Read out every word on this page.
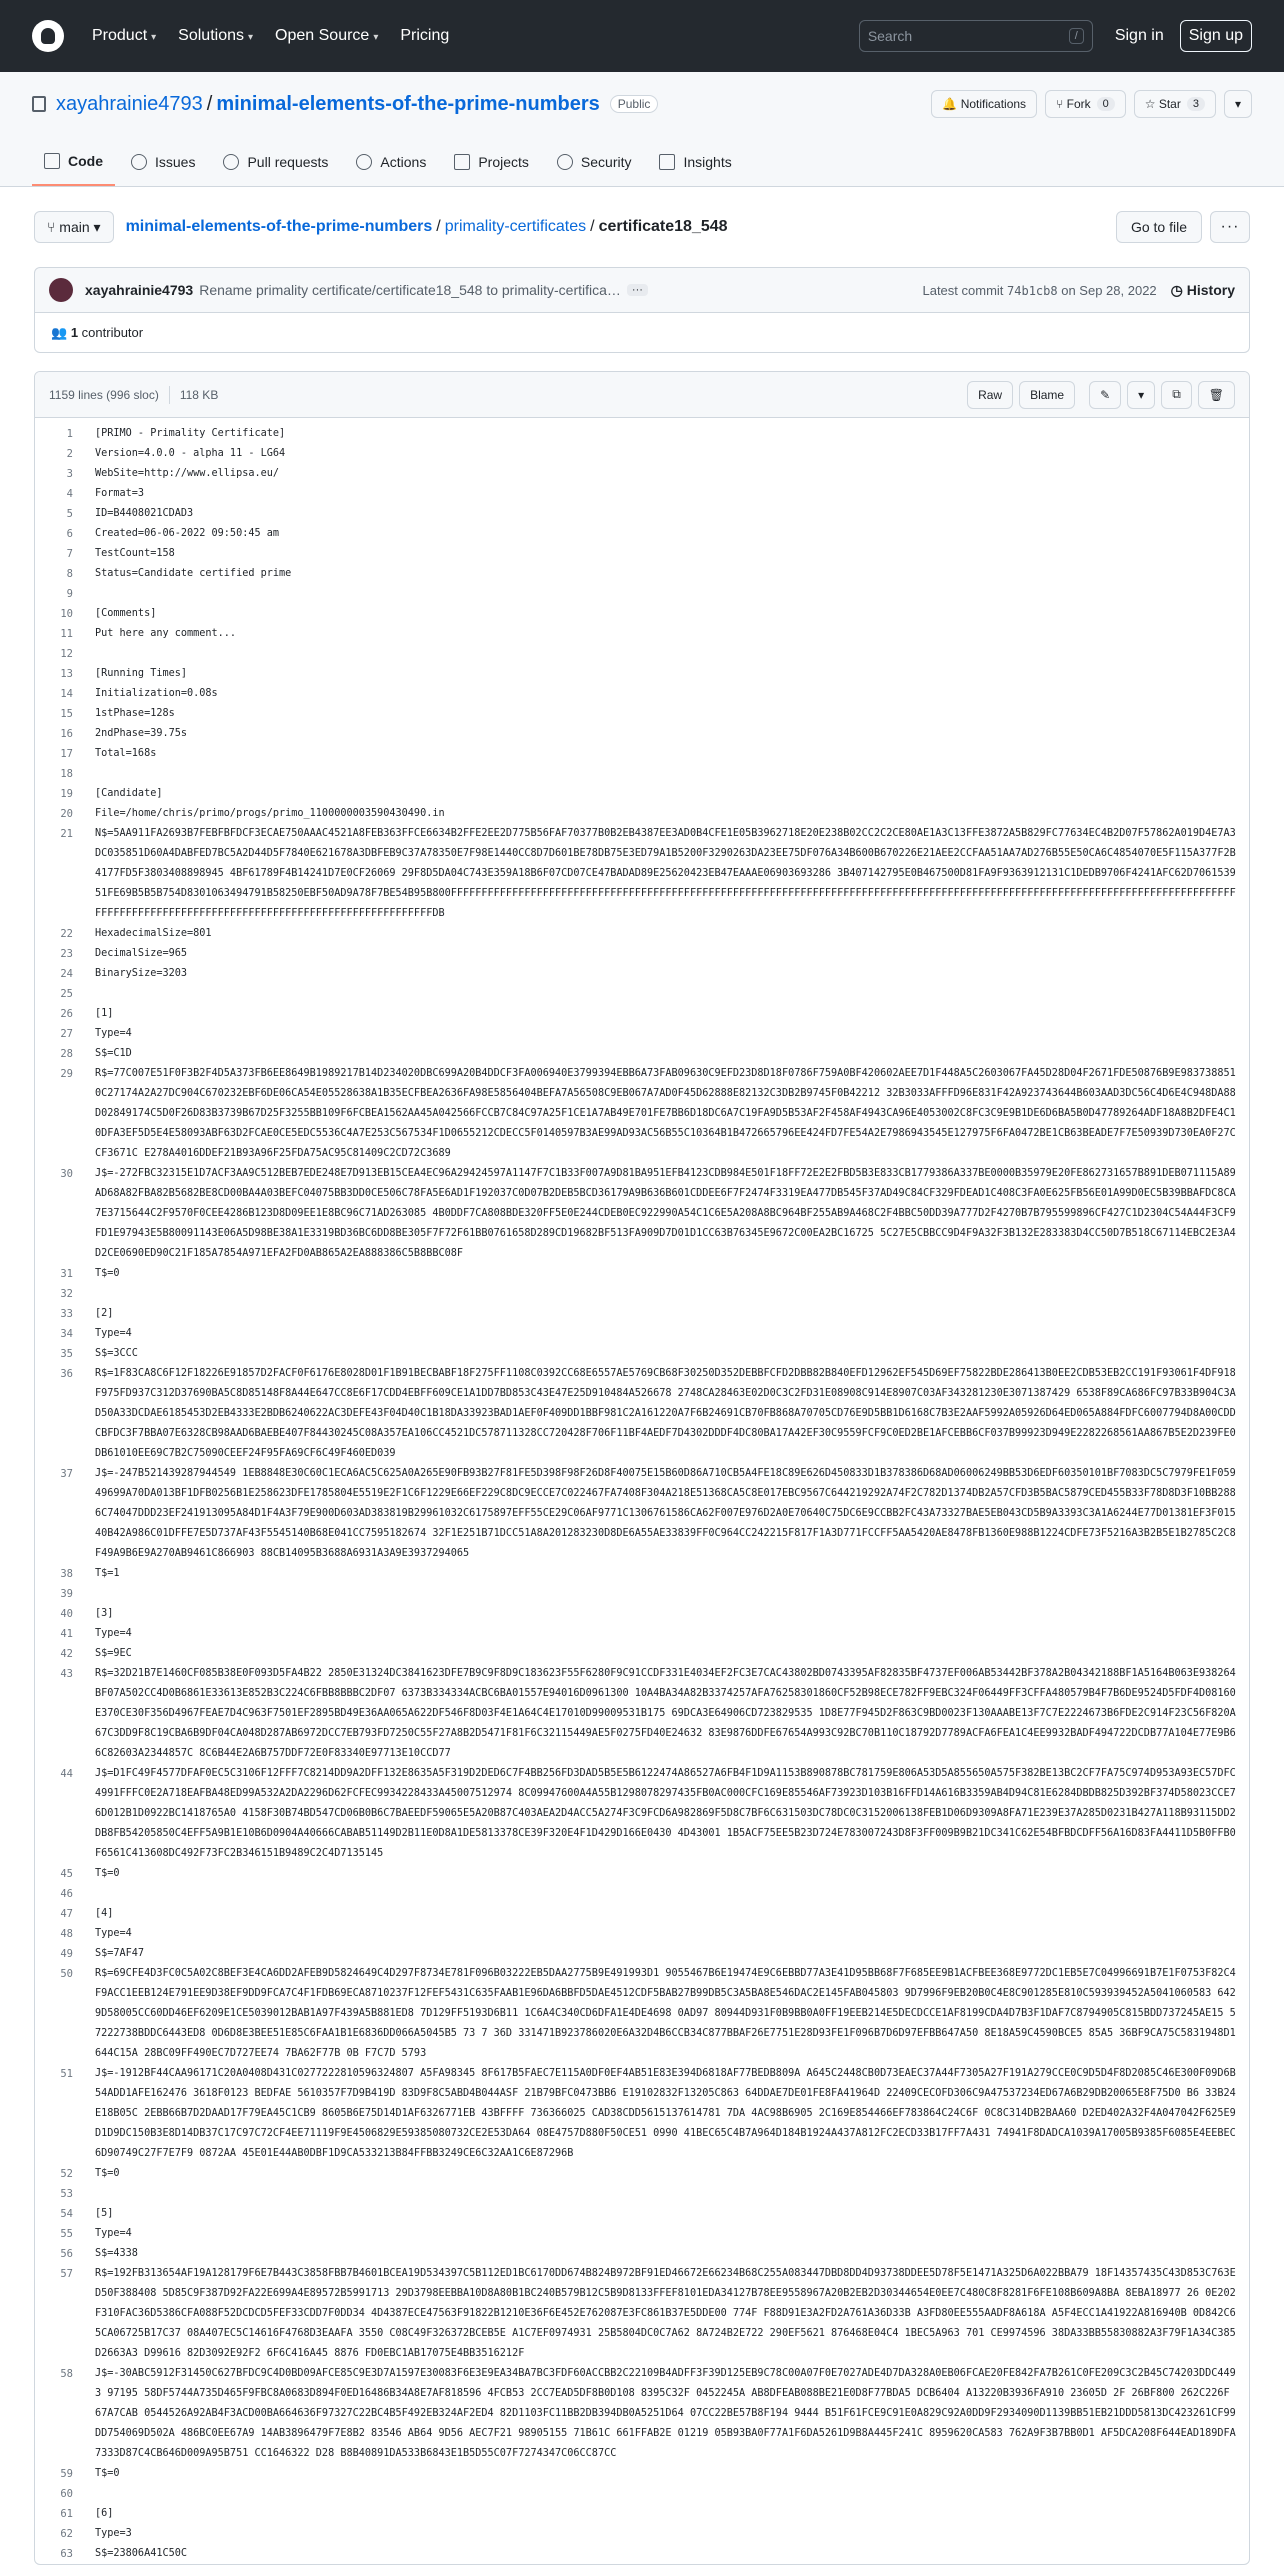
Product ▾ Solutions ▾ Open Source ▾ Pricing	Search	/	Sign in	Sign up
xayahrainie4793 / minimal-elements-of-the-prime-numbers	Public	🔔 Notifications	⑂ Fork	0	☆ Star	3	▾
Code	Issues	Pull requests	Actions	Projects	Security	Insights
⑂ main ▾ minimal-elements-of-the-prime-numbers / primality-certificates / certificate18_548	Go to file	···
xayahrainie4793 Rename primality certificate/certificate18_548 to primality-certifica…	···	Latest commit 74b1cb8 on Sep 28, 2022 ◷ History
👥 1
contributor
1159 lines (996 sloc) 118 KB	Raw	Blame	✎ ▾ ⧉ 🗑
1	[PRIMO - Primality Certificate]
2	Version=4.0.0 - alpha 11 - LG64
3	WebSite=http://www.ellipsa.eu/
4	Format=3
5	ID=B4408021CDAD3
6	Created=06-06-2022 09:50:45 am
7	TestCount=158
8	Status=Candidate certified prime
9
10	[Comments]
11	Put here any comment...
12
13	[Running Times]
14	Initialization=0.08s
15	1stPhase=128s
16	2ndPhase=39.75s
17	Total=168s
18
19	[Candidate]
20	File=/home/chris/primo/progs/primo_1100000003590430490.in
21	N$=5AA911FA2693B7FEBFBFDCF3ECAE750AAAC4521A8FEB363FFCE6634B2FFE2EE2D775B56FAF70377B0B2EB4387EE3AD0B4CFE1E05B3962718E20E238B02CC2C2CE80AE1A3C13FFE3872A5B829FC77634EC4B2D07F57862A019D4E7A3DC035851D60A4DABFED7BC5A2D44D5F7840E621678A3DBFEB9C37A78350E7F98E1440CC8D7D601BE78DB75E3ED79A1B5200F3290263DA23EE75DF076A34B600B670226E21AEE2CCFAA51AA7AD276B55E50CA6C4854070E5F115A377F2B4177FD5F3803408898945 4BF61789F4B14241D7E0CF26069 29F8D5DA04C743E359A18B6F07CD07CE47BADAD89E25620423EB47EAAAE06903693286 3B407142795E0B467500D81FA9F9363912131C1DEDB9706F4241AFC62D706153951FE69B5B5B754D8301063494791B58250EBF50AD9A78F7BE54B95B800FFFFFFFFFFFFFFFFFFFFFFFFFFFFFFFFFFFFFFFFFFFFFFFFFFFFFFFFFFFFFFFFFFFFFFFFFFFFFFFFFFFFFFFFFFFFFFFFFFFFFFFFFFFFFFFFFFFFFFFFFFFFFFFFFFFFFFFFFFFFFFFFFFFFFFFFFFFFFFFFFFFFFFFFFFFFFFFFFFFFFFFDB
22	HexadecimalSize=801
23	DecimalSize=965
24	BinarySize=3203
25
26	[1]
27	Type=4
28	S$=C1D
29	R$=77C007E51F0F3B2F4D5A373FB6EE8649B1989217B14D234020DBC699A20B4DDCF3FA006940E3799394EBB6A73FAB09630C9EFD23D8D18F0786F759A0BF420602AEE7D1F448A5C2603067FA45D28D04F2671FDE50876B9E9837388510C27174A2A27DC904C670232EBF6DE06CA54E05528638A1B35ECFBEA2636FA98E5856404BEFA7A56508C9EB067A7AD0F45D62888E82132C3DB2B9745F0B42212 32B3033AFFFD96E831F42A923743644B603AAD3DC56C4D6E4C948DA88D02849174C5D0F26D83B3739B67D25F3255BB109F6FCBEA1562AA45A042566FCCB7C84C97A25F1CE1A7AB49E701FE7BB6D18DC6A7C19FA9D5B53AF2F458AF4943CA96E4053002C8FC3C9E9B1DE6D6BA5B0D47789264ADF18A8B2DFE4C10DFA3EF5D5E4E58093ABF63D2FCAE0CE5EDC5536C4A7E253C567534F1D0655212CDECC5F0140597B3AE99AD93AC56B55C10364B1B472665796EE424FD7FE54A2E7986943545E127975F6FA0472BE1CB63BEADE7F7E50939D730EA0F27CCF3671C E278A4016DDEF21B93A96F25FDA75AC95C81409C2CD72C3689
30	J$=-272FBC32315E1D7ACF3AA9C512BEB7EDE248E7D913EB15CEA4EC96A29424597A1147F7C1B33F007A9D81BA951EFB4123CDB984E501F18FF72E2E2FBD5B3E833CB1779386A337BE0000B35979E20FE862731657B891DEB071115A89AD68A82FBA82B5682BE8CD00BA4A03BEFC04075BB3DD0CE506C78FA5E6AD1F192037C0D07B2DEB5BCD36179A9B636B601CDDEE6F7F2474F3319EA477DB545F37AD49C84CF329FDEAD1C408C3FA0E625FB56E01A99D0EC5B39BBAFDC8CA7E3715644C2F9570F0CEE4286B123D8D09EE1E8BC96C71AD263085 4B0DDF7CA808BDE320FF5E0E244CDEB0EC922990A54C1C6E5A208A8BC964BF255AB9A468C2F4BBC50DD39A777D2F4270B7B795599896CF427C1D2304C54A44F3CF9FD1E97943E5B80091143E06A5D98BE38A1E3319BD36BC6DD8BE305F7F72F61BB0761658D289CD19682BF513FA909D7D01D1CC63B76345E9672C00EA2BC16725 5C27E5CBBCC9D4F9A32F3B132E283383D4CC50D7B518C67114EBC2E3A4D2CE0690ED90C21F185A7854A971EFA2FD0AB865A2EA888386C5B8BBC08F
31	T$=0
32
33	[2]
34	Type=4
35	S$=3CCC
36	R$=1F83CA8C6F12F18226E91857D2FACF0F6176E8028D01F1B91BECBABF18F275FF1108C0392CC68E6557AE5769CB68F30250D352DEBBFCFD2DBB82B840EFD12962EF545D69EF75822BDE286413B0EE2CDB53EB2CC191F93061F4DF918F975FD937C312D37690BA5C8D85148F8A44E647CC8E6F17CDD4EBFF609CE1A1DD7BD853C43E47E25D910484A526678 2748CA28463E02D0C3C2FD31E08908C914E8907C03AF343281230E3071387429 6538F89CA686FC97B33B904C3AD50A33DCDAE6185453D2EB4333E2BDB6240622AC3DEFE43F04D40C1B18DA33923BAD1AEF0F409DD1BBF981C2A161220A7F6B24691CB70FB868A70705CD76E9D5BB1D6168C7B3E2AAF5992A05926D64ED065A884FDFC6007794D8A00CDDCBFDC3F7BBA07E6328CB98AAD6BAEBE407F84430245C08A357EA106CC4521DC578711328CC720428F706F11BF4AEDF7D4302DDDF4DC80BA17A42EF30C9559FCF9C0ED2BE1AFCEBB6CF037B99923D949E2282268561AA867B5E2D239FE0DB61010EE69C7B2C75090CEEF24F95FA69CF6C49F460ED039
37	J$=-247B521439287944549 1EB8848E30C60C1ECA6AC5C625A0A265E90FB93B27F81FE5D398F98F26D8F40075E15B60D86A710CB5A4FE18C89E626D450833D1B378386D68AD06006249BB53D6EDF60350101BF7083DC5C7979FE1F05949699A70DA013BF1DFB0256B1E258623DFE1785804E5519E2F1C6F1229E66EF229C8DC9ECCE7C022467FA7408F304A218E51368CA5C8E017EBC9567C644219292A74F2C782D1374DB2A57CFD3B5BAC5879CED455B33F78D8D3F10BB2886C74047DDD23EF241913095A84D1F4A3F79E900D603AD383819B29961032C6175897EFF55CE29C06AF9771C1306761586CA62F007E976D2A0E70640C75DC6E9CCBB2FC43A73327BAE5EB043CD5B9A3393C3A1A6244E77D01381EF3F01540B42A986C01DFFE7E5D737AF43F5545140B68E041CC7595182674 32F1E251B71DCC51A8A201283230D8DE6A55AE33839FF0C964CC242215F817F1A3D771FCCFF5AA5420AE8478FB1360E988B1224CDFE73F5216A3B2B5E1B2785C2C8F49A9B6E9A270AB9461C866903 88CB14095B3688A6931A3A9E3937294065
38	T$=1
39
40	[3]
41	Type=4
42	S$=9EC
43	R$=32D21B7E1460CF085B38E0F093D5FA4B22 2850E31324DC3841623DFE7B9C9F8D9C183623F55F6280F9C91CCDF331E4034EF2FC3E7CAC43802BD0743395AF82835BF4737EF006AB53442BF378A2B04342188BF1A5164B063E938264BF07A502CC4D0B6861E33613E852B3C224C6FBB8BBBC2DF07 6373B334334ACBC6BA01557E94016D0961300 10A4BA34A82B3374257AFA76258301860CF52B98ECE782FF9EBC324F06449FF3CFFA480579B4F7B6DE9524D5FDF4D08160E370CE30F356D4967FEAE7D4C963F7501EF2895BD49E36AA065A622DF546F8D03F4E1A64C4E17010D99009531B175 69DCA3E64906CD723829535 1D8E77F945D2F863C9BD0023F130AAABE13F7C7E2224673B6FDE2C914F23C56F820A67C3DD9F8C19CBA6B9DF04CA048D287AB6972DCC7EB793FD7250C55F27A8B2D5471F81F6C32115449AE5F0275FD40E24632 83E9876DDFE67654A993C92BC70B110C18792D7789ACFA6FEA1C4EE9932BADF494722DCDB77A104E77E9B66C82603A2344857C 8C6B44E2A6B757DDF72E0F83340E97713E10CCD77
44	J$=D1FC49F4577DFAF0EC5C3106F12FFF7C8214DD9A2DFF132E8635A5F319D2DED6C7F4BB256FD3DAD5B5E5B6122474A86527A6FB4F1D9A1153B890878BC781759E806A53D5A855650A575F382BE13BC2CF7FA75C974D953A93EC57DFC4991FFFC0E2A718EAFBA48ED99A532A2DA2296D62FCFEC9934228433A45007512974 8C09947600A4A55B1298078297435FB0AC000CFC169E85546AF73923D103B16FFD14A616B3359AB4D94C81E6284DBDB825D392BF374D58023CCE76D012B1D0922BC1418765A0 4158F30B74BD547CD06B0B6C7BAEEDF59065E5A20B87C403AEA2D4ACC5A274F3C9FCD6A982869F5D8C7BF6C631503DC78DC0C3152006138FEB1D06D9309A8FA71E239E37A285D0231B427A118B93115DD2DB8FB54205850C4EFF5A9B1E10B6D0904A40666CABAB51149D2B11E0D8A1DE5813378CE39F320E4F1D429D166E0430 4D43001 1B5ACF75EE5B23D724E783007243D8F3FF009B9B21DC341C62E54BFBDCDFF56A16D83FA4411D5B0FFB0F6561C413608DC492F73FC2B346151B9489C2C4D7135145
45	T$=0
46
47	[4]
48	Type=4
49	S$=7AF47
50	R$=69CFE4D3FC0C5A02C8BEF3E4CA6DD2AFEB9D5824649C4D297F8734E781F096B03222EB5DAA2775B9E491993D1 9055467B6E19474E9C6EBBD77A3E41D95BB68F7F685EE9B1ACFBEE368E9772DC1EB5E7C04996691B7E1F0753F82C4F9ACC1EEB124E791EE9D38EF9DD9FCA7C4F1FDB69ECA8710237F12FEF5431C635FAAB1E96DA6BBFD5DAE4512CDF5BAB27B99DB5C3A5BA8E546DAC2E145FAB045803 9D7996F9EB20B0C4E8C901285E810C593939452A5041060583 6429D58005CC60DD46EF6209E1CE5039012BAB1A97F439A5B881ED8 7D129FF5193D6B11 1C6A4C340CD6DFA1E4DE4698 0AD97 80944D931F0B9BB0A0FF19EEB214E5DECDCCE1AF8199CDA4D7B3F1DAF7C8794905C815BDD737245AE15 57222738BDDC6443ED8 0D6D8E3BEE51E85C6FAA1B1E6836DD066A5045B5 73 7 36D 331471B923786020E6A32D4B6CCB34C877BBAF26E7751E28D93FE1F096B7D6D97EFBB647A50 8E18A59C4590BCE5 85A5 36BF9CA75C5831948D1644C15A 28BC09FF490EC7D727EE74 7BA62F77B 0B F7C7D 5793
51	J$=-1912BF44CAA96171C20A0408D431C0277222810596324807 A5FA98345 8F617B5FAEC7E115A0DF0EF4AB51E83E394D6818AF77BEDB809A A645C2448CB0D73EAEC37A44F7305A27F191A279CCE0C9D5D4F8D2085C46E300F09D6B54ADD1AFE162476 3618F0123 BEDFAE 5610357F7D9B419D 83D9F8C5ABD4B044ASF 21B79BFC0473BB6 E19102832F13205C863 64DDAE7DE01FE8FA41964D 22409CECOFD306C9A47537234ED67A6B29DB20065E8F75D0 B6 33B24E18B05C 2EBB66B7D2DAAD17F79EA45C1CB9 8605B6E75D14D1AF6326771EB 43BFFFF 736366025 CAD38CDD5615137614781 7DA 4AC98B6905 2C169E854466EF783864C24C6F 0C8C314DB2BAA60 D2ED402A32F4A047042F625E9D1D9DC150B3E8D14DB37C17C97C72CF4EE71119F9E4506829E59385080732CE2E53DA64 08E4757D880F50CE51 0990 41BEC65C4B7A964D184B1924A437A812FC2ECD33B17FF7A431 74941F8DADCA1039A17005B9385F6085E4EEBEC6D90749C27F7E7F9 0872AA 45E01E44AB0DBF1D9CA533213B84FFBB3249CE6C32AA1C6E87296B
52	T$=0
53
54	[5]
55	Type=4
56	S$=4338
57	R$=192FB313654AF19A128179F6E7B443C3858FBB7B4601BCEA19D534397C5B112ED1BC6170DD674B824B972BF91ED46672E66234B68C255A083447DBD8DD4D93738DDEE5D78F5E1471A325D6A022BBA79 18F14357435C43D853C763ED50F388408 5D85C9F387D92FA22E699A4E89572B5991713 29D3798EEBBA10D8A80B1BC240B579B12C5B9D8133FFEF8101EDA34127B78EE9558967A20B2EB2D30344654E0EE7C480C8F8281F6FE108B609A8BA 8EBA18977 26 0E202F310FAC36D5386CFA088F52DCDCD5FEF33CDD7F0DD34 4D4387ECE47563F91822B1210E36F6E452E762087E3FC861B37E5DDE00 774F F88D91E3A2FD2A761A36D33B A3FD80EE555AADF8A618A A5F4ECC1A41922A816940B 0D842C65CA06725B17C37 08A407EC5C14616F4768D3EAAFA 3550 C08C49F326372BCEB5E A1C7EF0974931 25B5804DC0C7A62 8A724B2E722 290EF5621 876468E04C4 1BEC5A963 701 CE9974596 38DA33BB55830882A3F79F1A34C385D2663A3 D99616 82D3092E92F2 6F6C416A45 8876 FD0EBC1AB17075E4BB3516212F
58	J$=-30ABC5912F31450C627BFDC9C4D0BD09AFCE85C9E3D7A1597E30083F6E3E9EA34BA7BC3FDF60ACCBB2C22109B4ADFF3F39D125EB9C78C00A07F0E7027ADE4D7DA328A0EB06FCAE20FE842FA7B261C0FE209C3C2B45C74203DDC4493 97195 58DF5744A735D465F9FBC8A0683D894F0ED16486B34A8E7AF818596 4FCB53 2CC7EAD5DF8B0D108 8395C32F 0452245A AB8DFEAB088BE21E0D8F77BDA5 DCB6404 A13220B3936FA910 23605D 2F 26BF800 262C226F 67A7CAB 0544526A92AB4F3ACD00BA664636F97327C22BC4B5F492EB324AF2ED4 82D1103FC11BB2DB394DB0A5251D64 07CC22BE57B8F194 9444 B51F61FCE9C91E0A829C92A0DD9F2934090D1139BB51EB21DDD5813DC423261CF99DD754069D502A 486BC0EE67A9 14AB3896479F7E8B2 83546 AB64 9D56 AEC7F21 98905155 71B61C 661FFAB2E 01219 05B93BA0F77A1F6DA5261D9B8A445F241C 8959620CA583 762A9F3B7BB0D1 AF5DCA208F644EAD189DFA7333D87C4CB646D009A95B751 CC1646322 D28 B8B40891DA533B6843E1B5D55C07F7274347C06CC87CC
59	T$=0
60
61	[6]
62	Type=3
63	S$=23806A41C50C
